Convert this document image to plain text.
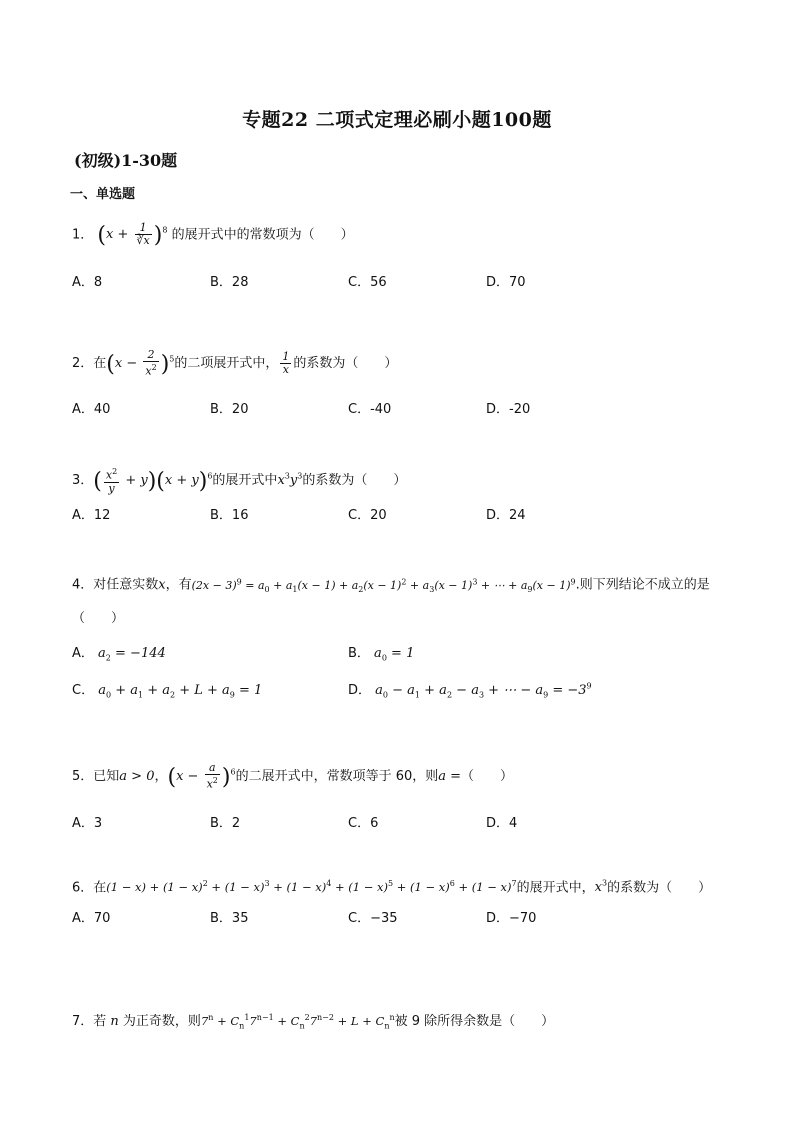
专题22 二项式定理必刷小题100题
(初级)1-30题
一、单选题
1． $(x + \frac{1}{∛x} )^8$ 的展开式中的常数项为（　　）
A．8	B．28	C．56	D．70
2．在$(x - \frac{2}{x^2} )^5$的二项展开式中， $\frac{1}{x}$ 的系数为（　　）
A．40	B．20	C．-40	D．-20
3．( $\frac{x^2}{y} + y)(x + y)^6$的展开式中$x^3y^3$的系数为（　　）
A．12	B．16	C．20	D．24
4．对任意实数x，有$(2x - 3)^9 = a_0 + a_1(x - 1) + a_2(x - 1)^2 + a_3(x - 1)^3$ + ⋯ + $a_9(x - 1)^9$.则下列结论不成立的是
（　　）
A． $a_2 = -144$	B． $a_0 = 1$
C． $a_0 + a_1 + a_2 + L + a_9 = 1$	D． $a_0 - a_1 + a_2 - a_3$ + ⋯ − $a_9 = -3^9$
5．已知a > 0，$(x - \frac{a}{x^2} )^6$的二展开式中，常数项等于 60，则a =（　　）
A．3	B．2	C．6	D．4
6．在$(1 - x) + (1 - x)^2 + (1 - x)^3 + (1 - x)^4 + (1 - x)^5 + (1 - x)^6 + (1 - x)^7$的展开式中，$x^3$的系数为（　　）
A．70	B．35	C．−35	D．−70
7．若 n 为正奇数，则$7^n + C_n^17^{n-1} + C_n^27^{n-2} + L + C_n^n$被 9 除所得余数是（　　）
